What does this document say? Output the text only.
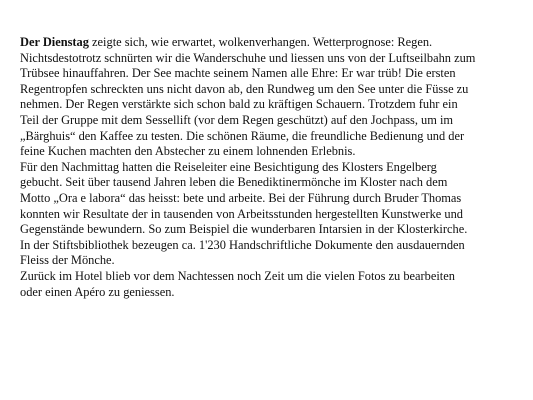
Der Dienstag zeigte sich, wie erwartet, wolkenverhangen. Wetterprognose: Regen.
Nichtsdestotrotz schnürten wir die Wanderschuhe und liessen uns von der Luftseilbahn zum
Trübsee hinauffahren. Der See machte seinem Namen alle Ehre: Er war trüb! Die ersten
Regentropfen schreckten uns nicht davon ab, den Rundweg um den See unter die Füsse zu
nehmen. Der Regen verstärkte sich schon bald zu kräftigen Schauern. Trotzdem fuhr ein
Teil der Gruppe mit dem Sessellift (vor dem Regen geschützt) auf den Jochpass, um im
„Bärghuis“ den Kaffee zu testen. Die schönen Räume, die freundliche Bedienung und der
feine Kuchen machten den Abstecher zu einem lohnenden Erlebnis.
Für den Nachmittag hatten die Reiseleiter eine Besichtigung des Klosters Engelberg
gebucht. Seit über tausend Jahren leben die Benediktinermönche im Kloster nach dem
Motto „Ora e labora“ das heisst: bete und arbeite. Bei der Führung durch Bruder Thomas
konnten wir Resultate der in tausenden von Arbeitsstunden hergestellten Kunstwerke und
Gegenstände bewundern. So zum Beispiel die wunderbaren Intarsien in der Klosterkirche.
In der Stiftsbibliothek bezeugen ca. 1'230 Handschriftliche Dokumente den ausdauernden
Fleiss der Mönche.
Zurück im Hotel blieb vor dem Nachtessen noch Zeit um die vielen Fotos zu bearbeiten
oder einen Apéro zu geniessen.
